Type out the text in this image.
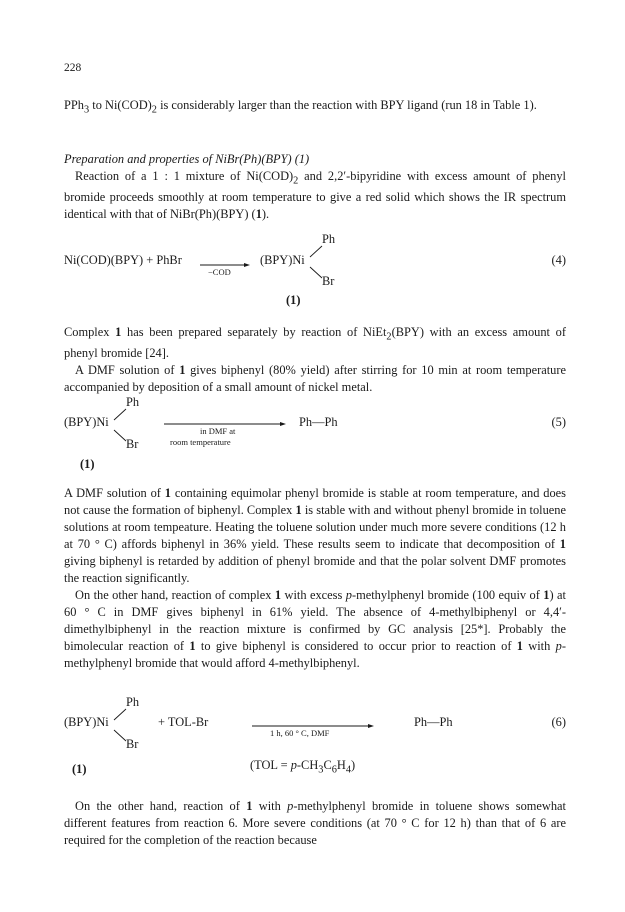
228

PPh$_3$ to $Ni(COD)_2$ is considerably larger than the reaction with BPY ligand (run 18 in Table 1).

Preparation and properties of NiBr(Ph)(BPY) (1)

Reaction of a 1 : 1 mixture of $Ni(COD)_2$ and 2,2′-bipyridine with excess amount of phenyl bromide proceeds smoothly at room temperature to give a red solid which shows the IR spectrum identical with that of NiBr(Ph)(BPY) (1).

Ni(COD)(BPY) + PhBr
−COD
(BPY)Ni
Ph
Br
(4)
(1)

Complex 1 has been prepared separately by reaction of NiEt$_2$(BPY) with an excess amount of phenyl bromide [24].

A DMF solution of 1 gives biphenyl (80% yield) after stirring for 10 min at room temperature accompanied by deposition of a small amount of nickel metal.

(BPY)Ni
Ph
Br
in DMF at
room temperature
Ph—Ph	(5)
(1)

A DMF solution of 1 containing equimolar phenyl bromide is stable at room temperature, and does not cause the formation of biphenyl. Complex 1 is stable with and without phenyl bromide in toluene solutions at room tempeature. Heating the toluene solution under much more severe conditions (12 h at 70 ° C) affords biphenyl in 36% yield. These results seem to indicate that decomposition of 1 giving biphenyl is retarded by addition of phenyl bromide and that the polar solvent DMF promotes the reaction significantly.

On the other hand, reaction of complex 1 with excess p-methylphenyl bromide (100 equiv of 1) at 60 ° C in DMF gives biphenyl in 61% yield. The absence of 4-methylbiphenyl or 4,4′-dimethylbiphenyl in the reaction mixture is confirmed by GC analysis [25*]. Probably the bimolecular reaction of 1 to give biphenyl is considered to occur prior to reaction of 1 with p-methylphenyl bromide that would afford 4-methylbiphenyl.

(BPY)Ni
Ph
Br
+ TOL-Br
1 h, 60 ° C, DMF
Ph—Ph	(6)
(1)	$(TOL = p-CH_3C_6H_4)$

On the other hand, reaction of 1 with p-methylphenyl bromide in toluene shows somewhat different features from reaction 6. More severe conditions (at 70 ° C for 12 h) than that of 6 are required for the completion of the reaction because
